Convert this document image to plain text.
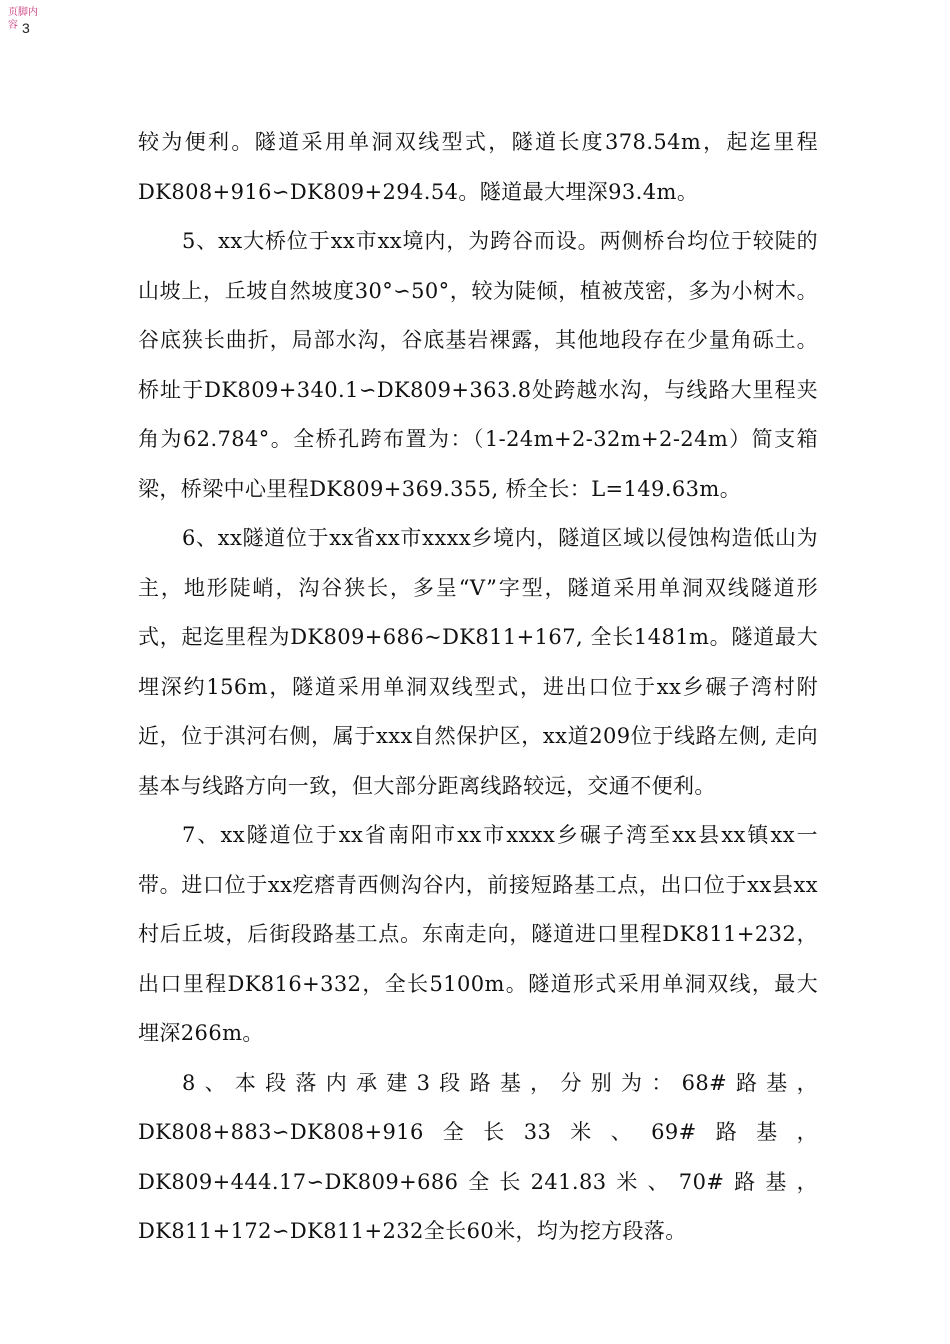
页脚内容 3

较为便利。隧道采用单洞双线型式，隧道长度378.54m，起迄里程DK808+916∽DK809+294.54。隧道最大埋深93.4m。

5、xx大桥位于xx市xx境内，为跨谷而设。两侧桥台均位于较陡的山坡上，丘坡自然坡度30°∽50°，较为陡倾，植被茂密，多为小树木。谷底狭长曲折，局部水沟，谷底基岩裸露，其他地段存在少量角砾土。桥址于DK809+340.1∽DK809+363.8处跨越水沟，与线路大里程夹角为62.784°。全桥孔跨布置为：（1-24m+2-32m+2-24m）简支箱梁，桥梁中心里程DK809+369.355, 桥全长：L=149.63m。

6、xx隧道位于xx省xx市xxxx乡境内，隧道区域以侵蚀构造低山为主，地形陡峭，沟谷狭长，多呈“V”字型，隧道采用单洞双线隧道形式，起迄里程为DK809+686~DK811+167, 全长1481m。隧道最大埋深约156m，隧道采用单洞双线型式，进出口位于xx乡碾子湾村附近，位于淇河右侧，属于xxx自然保护区，xx道209位于线路左侧, 走向基本与线路方向一致，但大部分距离线路较远，交通不便利。

7、xx隧道位于xx省南阳市xx市xxxx乡碾子湾至xx县xx镇xx一带。进口位于xx疙瘩青西侧沟谷内，前接短路基工点，出口位于xx县xx村后丘坡，后街段路基工点。东南走向，隧道进口里程DK811+232，出口里程DK816+332，全长5100m。隧道形式采用单洞双线，最大埋深266m。

8、本段落内承建3段路基，分别为：68#路基，DK808+883∽DK808+916全长33米、69#路基，DK809+444.17∽DK809+686全长241.83米、70#路基，DK811+172∽DK811+232全长60米，均为挖方段落。
